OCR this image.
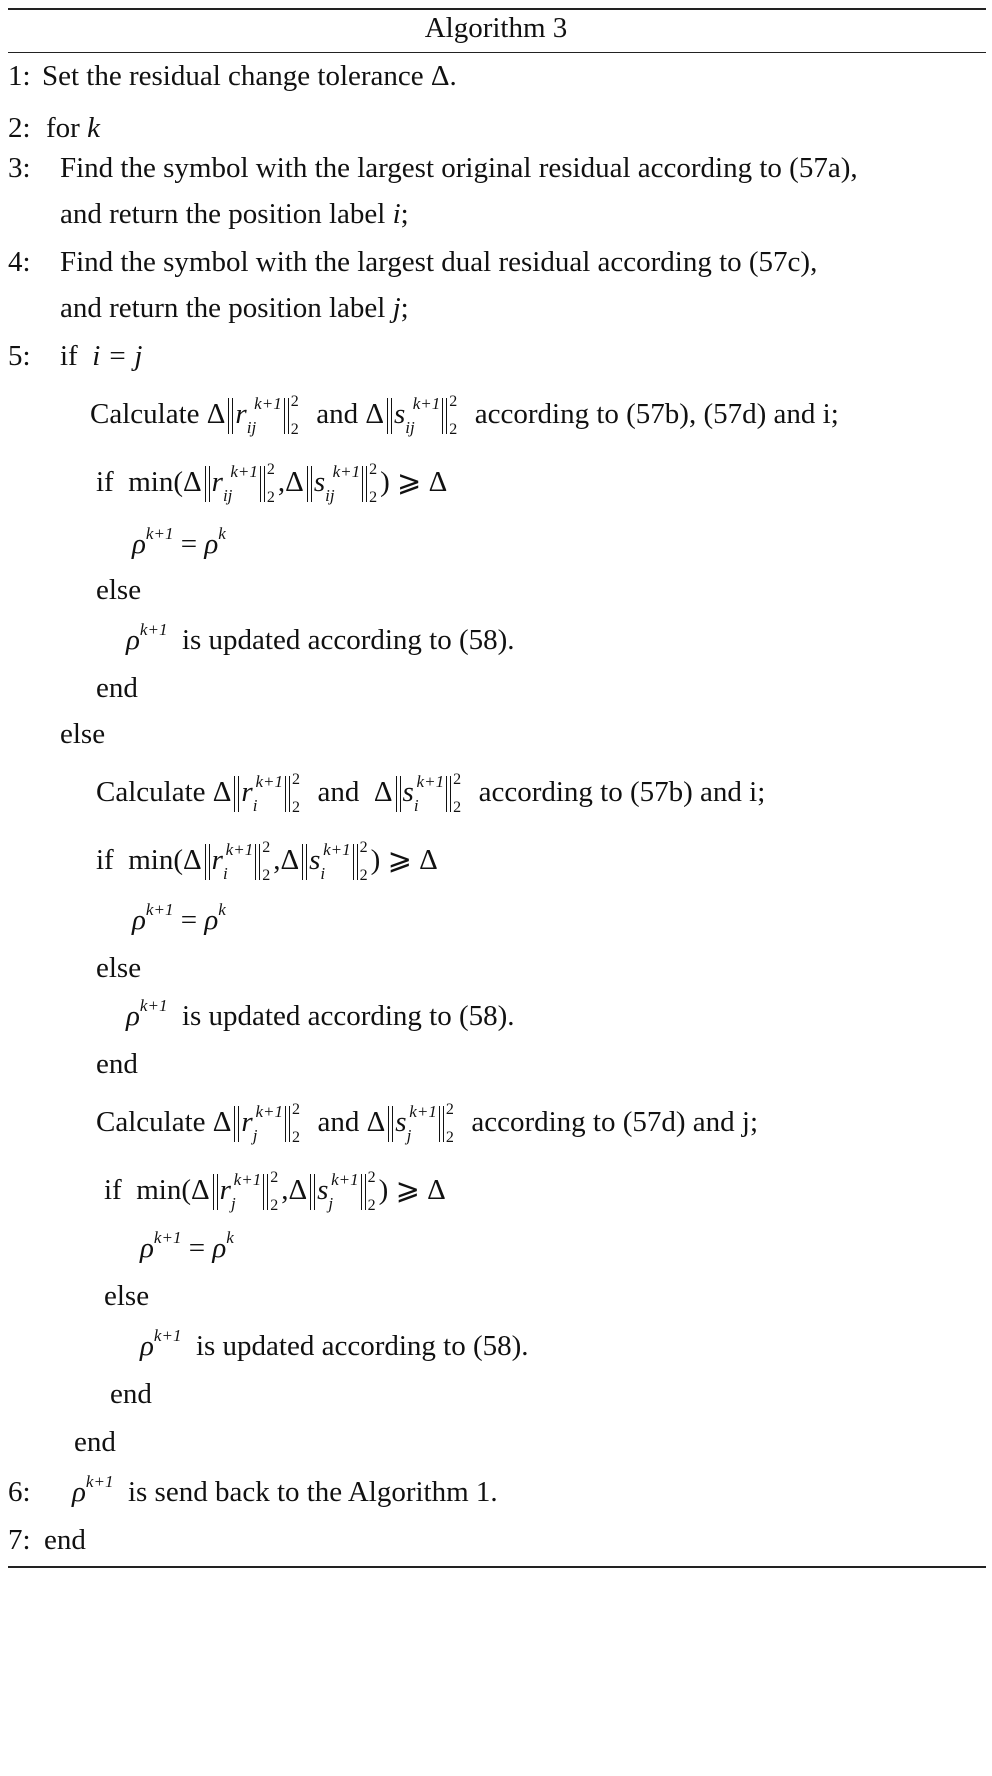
Algorithm 3
1: Set the residual change tolerance Δ.
2: for k
3: Find the symbol with the largest original residual according to (57a),
and return the position label i;
4: Find the symbol with the largest dual residual according to (57c),
and return the position label j;
5: if i = j
Calculate Δ $r_{ij}^{k+1}$ 2
2 and Δ $s_{ij}^{k+1}$ 2
2 according to (57b), (57d) and i;
if min(Δ $r_{ij}^{k+1}$ 2
2 ,Δ $s_{ij}^{k+1}$ 2
2 ) ⩾ Δ
$\rho^{k+1} = \rho^k$
else
$\rho^{k+1}$ is updated according to (58).
end
else
Calculate Δ $r_i^{k+1}$ 2
2 and  Δ $s_i^{k+1}$ 2
2 according to (57b) and i;
if min(Δ $r_i^{k+1}$ 2
2 ,Δ $s_i^{k+1}$ 2
2 ) ⩾ Δ
$\rho^{k+1} = \rho^k$
else
$\rho^{k+1}$ is updated according to (58).
end
Calculate Δ $r_j^{k+1}$ 2
2 and Δ $s_j^{k+1}$ 2
2 according to (57d) and j;
if min(Δ $r_j^{k+1}$ 2
2 ,Δ $s_j^{k+1}$ 2
2 ) ⩾ Δ
$\rho^{k+1} = \rho^k$
else
$\rho^{k+1}$ is updated according to (58).
end
end
6: $\rho^{k+1}$ is send back to the Algorithm 1.
7: end
